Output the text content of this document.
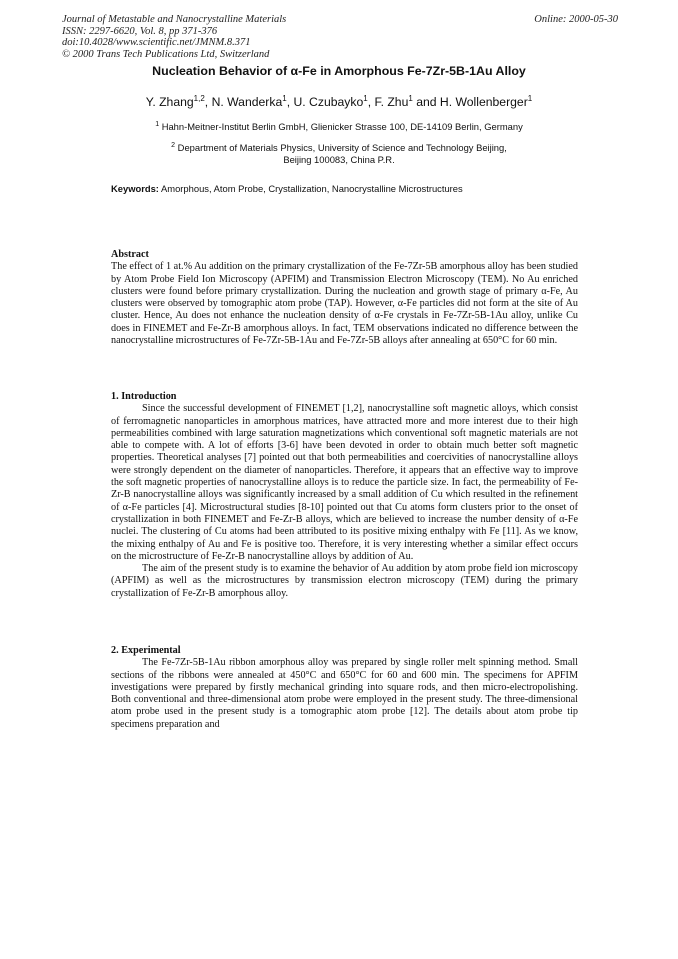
Journal of Metastable and Nanocrystalline Materials
ISSN: 2297-6620, Vol. 8, pp 371-376
doi:10.4028/www.scientific.net/JMNM.8.371
© 2000 Trans Tech Publications Ltd, Switzerland
Online: 2000-05-30
Nucleation Behavior of α-Fe in Amorphous Fe-7Zr-5B-1Au Alloy
Y. Zhang$^{1,2}$, N. Wanderka$^1$, U. Czubayko$^1$, F. Zhu$^1$ and H. Wollenberger$^1$
$^1$ Hahn-Meitner-Institut Berlin GmbH, Glienicker Strasse 100, DE-14109 Berlin, Germany
$^2$ Department of Materials Physics, University of Science and Technology Beijing,
Beijing 100083, China P.R.
Keywords: Amorphous, Atom Probe, Crystallization, Nanocrystalline Microstructures
Abstract

The effect of 1 at.% Au addition on the primary crystallization of the Fe-7Zr-5B amorphous alloy has been studied by Atom Probe Field Ion Microscopy (APFIM) and Transmission Electron Microscopy (TEM). No Au enriched clusters were found before primary crystallization. During the nucleation and growth stage of primary α-Fe, Au clusters were observed by tomographic atom probe (TAP). However, α-Fe particles did not form at the site of Au cluster. Hence, Au does not enhance the nucleation density of α-Fe crystals in Fe-7Zr-5B-1Au alloy, unlike Cu does in FINEMET and Fe-Zr-B amorphous alloys. In fact, TEM observations indicated no difference between the nanocrystalline microstructures of Fe-7Zr-5B-1Au and Fe-7Zr-5B alloys after annealing at 650°C for 60 min.

1. Introduction

Since the successful development of FINEMET [1,2], nanocrystalline soft magnetic alloys, which consist of ferromagnetic nanoparticles in amorphous matrices, have attracted more and more interest due to their high permeabilities combined with large saturation magnetizations which conventional soft magnetic materials are not able to compete with. A lot of efforts [3-6] have been devoted in order to obtain much better soft magnetic properties. Theoretical analyses [7] pointed out that both permeabilities and coercivities of nanocrystalline alloys were strongly dependent on the diameter of nanoparticles. Therefore, it appears that an effective way to improve the soft magnetic properties of nanocrystalline alloys is to reduce the particle size. In fact, the permeability of Fe-Zr-B nanocrystalline alloys was significantly increased by a small addition of Cu which resulted in the refinement of α-Fe particles [4]. Microstructural studies [8-10] pointed out that Cu atoms form clusters prior to the onset of crystallization in both FINEMET and Fe-Zr-B alloys, which are believed to increase the number density of α-Fe nuclei. The clustering of Cu atoms had been attributed to its positive mixing enthalpy with Fe [11]. As we know, the mixing enthalpy of Au and Fe is positive too. Therefore, it is very interesting whether a similar effect occurs on the microstructure of Fe-Zr-B nanocrystalline alloys by addition of Au.

The aim of the present study is to examine the behavior of Au addition by atom probe field ion microscopy (APFIM) as well as the microstructures by transmission electron microscopy (TEM) during the primary crystallization of Fe-Zr-B amorphous alloy.

2. Experimental

The Fe-7Zr-5B-1Au ribbon amorphous alloy was prepared by single roller melt spinning method. Small sections of the ribbons were annealed at 450°C and 650°C for 60 and 600 min. The specimens for APFIM investigations were prepared by firstly mechanical grinding into square rods, and then micro-electropolishing. Both conventional and three-dimensional atom probe were employed in the present study. The three-dimensional atom probe used in the present study is a tomographic atom probe [12]. The details about atom probe tip specimens preparation and
